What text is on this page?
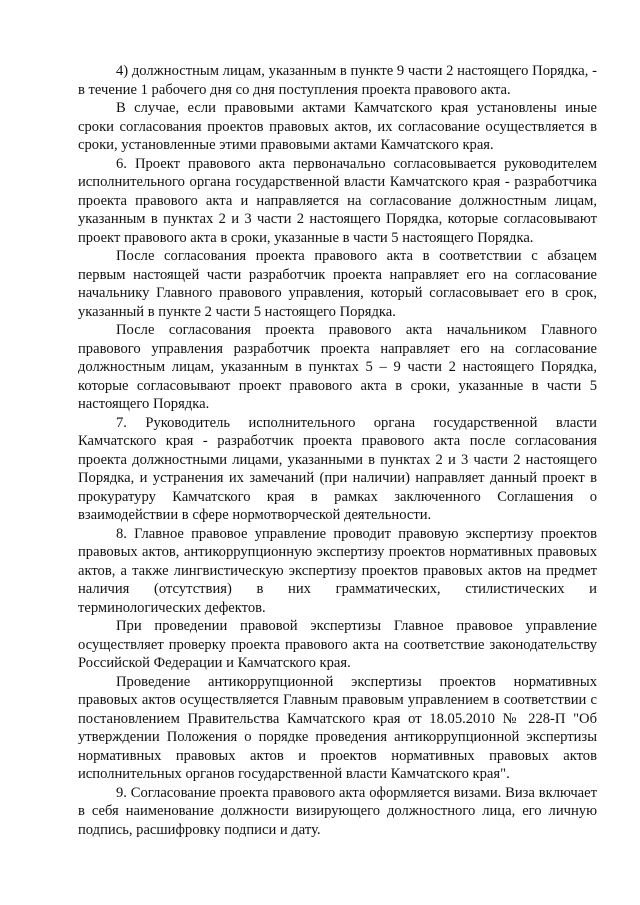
4) должностным лицам, указанным в пункте 9 части 2 настоящего Порядка, - в течение 1 рабочего дня со дня поступления проекта правового акта.

В случае, если правовыми актами Камчатского края установлены иные сроки согласования проектов правовых актов, их согласование осуществляется в сроки, установленные этими правовыми актами Камчатского края.

6. Проект правового акта первоначально согласовывается руководителем исполнительного органа государственной власти Камчатского края - разработчика проекта правового акта и направляется на согласование должностным лицам, указанным в пунктах 2 и 3 части 2 настоящего Порядка, которые согласовывают проект правового акта в сроки, указанные в части 5 настоящего Порядка.

После согласования проекта правового акта в соответствии с абзацем первым настоящей части разработчик проекта направляет его на согласование начальнику Главного правового управления, который согласовывает его в срок, указанный в пункте 2 части 5 настоящего Порядка.

После согласования проекта правового акта начальником Главного правового управления разработчик проекта направляет его на согласование должностным лицам, указанным в пунктах 5 – 9 части 2 настоящего Порядка, которые согласовывают проект правового акта в сроки, указанные в части 5 настоящего Порядка.

7. Руководитель исполнительного органа государственной власти Камчатского края - разработчик проекта правового акта после согласования проекта должностными лицами, указанными в пунктах 2 и 3 части 2 настоящего Порядка, и устранения их замечаний (при наличии) направляет данный проект в прокуратуру Камчатского края в рамках заключенного Соглашения о взаимодействии в сфере нормотворческой деятельности.

8. Главное правовое управление проводит правовую экспертизу проектов правовых актов, антикоррупционную экспертизу проектов нормативных правовых актов, а также лингвистическую экспертизу проектов правовых актов на предмет наличия (отсутствия) в них грамматических, стилистических и терминологических дефектов.

При проведении правовой экспертизы Главное правовое управление осуществляет проверку проекта правового акта на соответствие законодательству Российской Федерации и Камчатского края.

Проведение антикоррупционной экспертизы проектов нормативных правовых актов осуществляется Главным правовым управлением в соответствии с постановлением Правительства Камчатского края от 18.05.2010 № 228-П "Об утверждении Положения о порядке проведения антикоррупционной экспертизы нормативных правовых актов и проектов нормативных правовых актов исполнительных органов государственной власти Камчатского края".

9. Согласование проекта правового акта оформляется визами. Виза включает в себя наименование должности визирующего должностного лица, его личную подпись, расшифровку подписи и дату.
